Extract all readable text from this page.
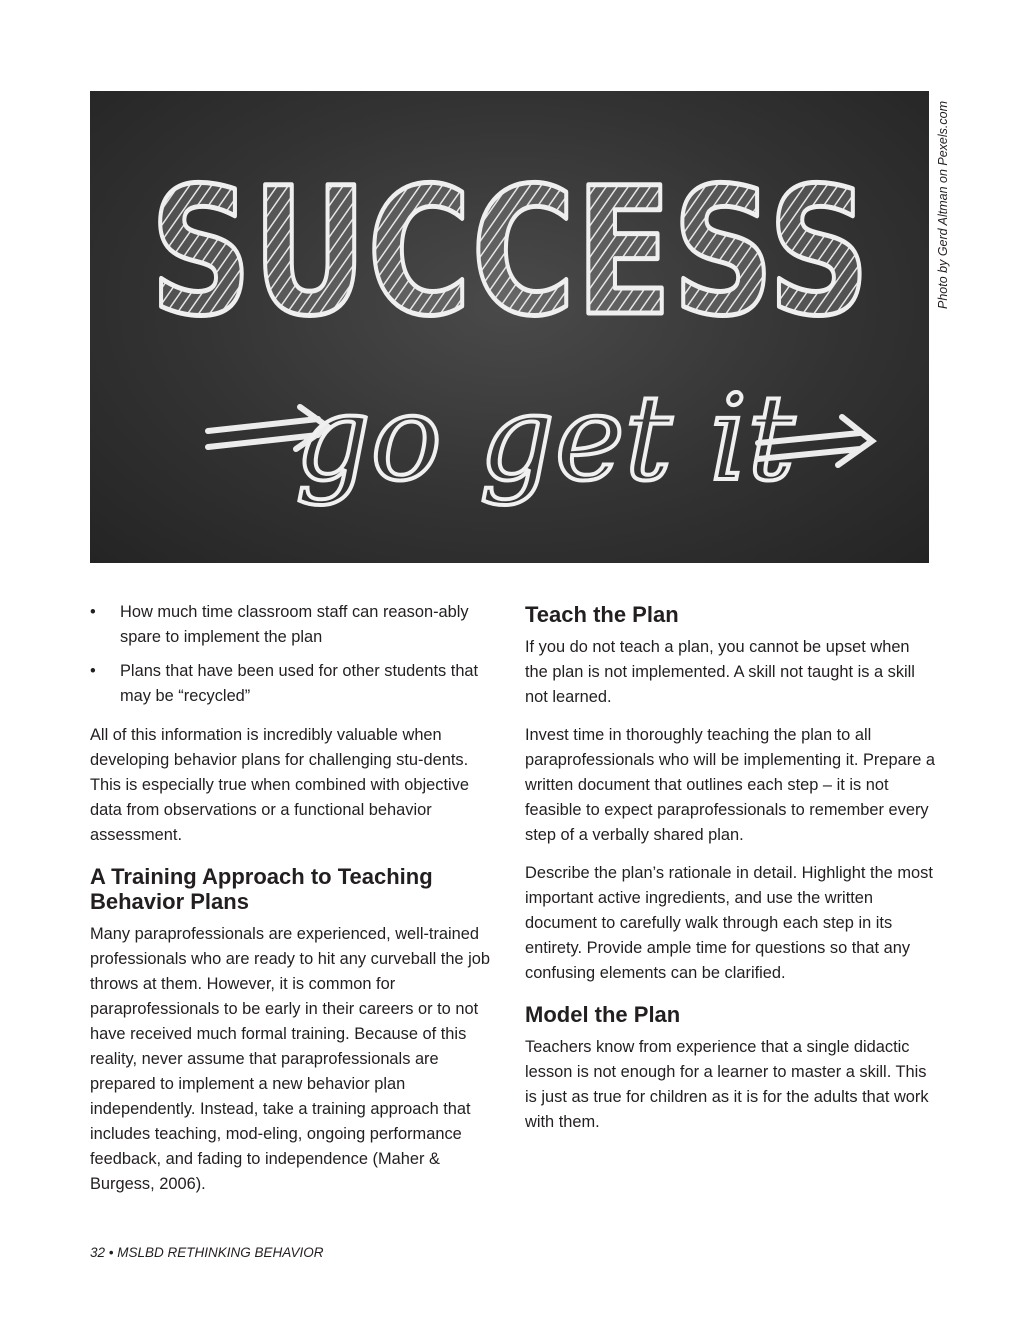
SUCCESS
go get it
Photo by Gerd Altman on Pexels.com
• How much time classroom staff can reason-ably spare to implement the plan
• Plans that have been used for other students that may be “recycled”

All of this information is incredibly valuable when developing behavior plans for challenging stu-dents. This is especially true when combined with objective data from observations or a functional behavior assessment.

A Training Approach to Teaching Behavior Plans

Many paraprofessionals are experienced, well-trained professionals who are ready to hit any curveball the job throws at them. However, it is common for paraprofessionals to be early in their careers or to not have received much formal training. Because of this reality, never assume that paraprofessionals are prepared to implement a new behavior plan independently. Instead, take a training approach that includes teaching, mod-eling, ongoing performance feedback, and fading to independence (Maher & Burgess, 2006).

Teach the Plan

If you do not teach a plan, you cannot be upset when the plan is not implemented. A skill not taught is a skill not learned.

Invest time in thoroughly teaching the plan to all paraprofessionals who will be implementing it. Prepare a written document that outlines each step – it is not feasible to expect paraprofessionals to remember every step of a verbally shared plan.

Describe the plan’s rationale in detail. Highlight the most important active ingredients, and use the written document to carefully walk through each step in its entirety. Provide ample time for questions so that any confusing elements can be clarified.

Model the Plan

Teachers know from experience that a single didactic lesson is not enough for a learner to master a skill. This is just as true for children as it is for the adults that work with them.

32 • MSLBD RETHINKING BEHAVIOR
